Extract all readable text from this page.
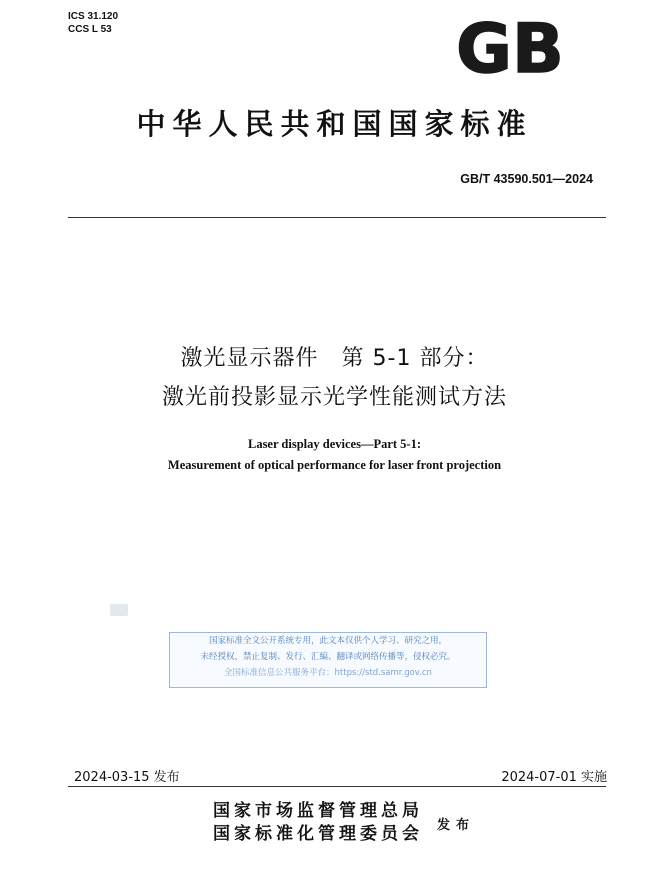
ICS 31.120
CCS L 53	GB
中华人民共和国国家标准
GB/T 43590.501—2024
激光显示器件　第 5-1 部分：
激光前投影显示光学性能测试方法
Laser display devices—Part 5-1:
Measurement of optical performance for laser front projection

国家标准全文公开系统专用，此文本仅供个人学习、研究之用，

未经授权，禁止复制、发行、汇编、翻译或网络传播等，侵权必究。

全国标准信息公共服务平台：https://std.samr.gov.cn

2024-03-15 发布	2024-07-01 实施
国家市场监督管理总局
国家标准化管理委员会 发布
